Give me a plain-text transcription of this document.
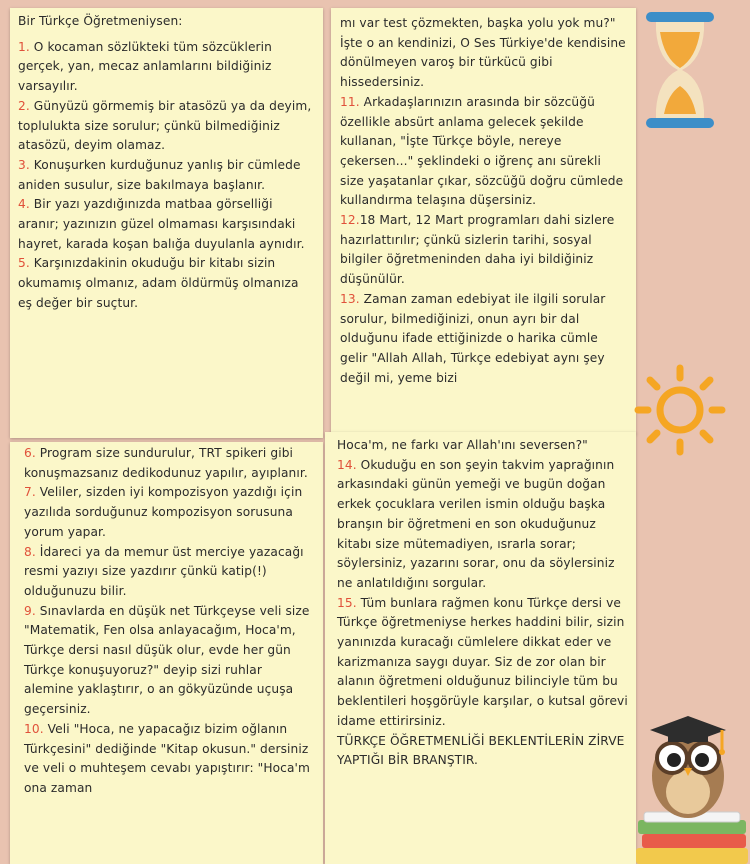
Bir Türkçe Öğretmeniysen:

1. O kocaman sözlükteki tüm sözcüklerin gerçek, yan, mecaz anlamlarını bildiğiniz varsayılır.

2. Günyüzü görmemiş bir atasözü ya da deyim, toplulukta size sorulur; çünkü bilmediğiniz atasözü, deyim olamaz.

3. Konuşurken kurduğunuz yanlış bir cümlede aniden susulur, size bakılmaya başlanır.

4. Bir yazı yazdığınızda matbaa görselliği aranır; yazınızın güzel olmaması karşısındaki hayret, karada koşan balığa duyulanla aynıdır.

5. Karşınızdakinin okuduğu bir kitabı sizin okumamış olmanız, adam öldürmüş olmanıza eş değer bir suçtur.

mı var test çözmekten, başka yolu yok mu?" İşte o an kendinizi, O Ses Türkiye'de kendisine dönülmeyen varoş bir türkücü gibi hissedersiniz.

11. Arkadaşlarınızın arasında bir sözcüğü özellikle absürt anlama gelecek şekilde kullanan, "İşte Türkçe böyle, nereye çekersen..." şeklindeki o iğrenç anı sürekli size yaşatanlar çıkar, sözcüğü doğru cümlede kullandırma telaşına düşersiniz.

12.18 Mart, 12 Mart programları dahi sizlere hazırlattırılır; çünkü sizlerin tarihi, sosyal bilgiler öğretmeninden daha iyi bildiğiniz düşünülür.

13. Zaman zaman edebiyat ile ilgili sorular sorulur, bilmediğinizi, onun ayrı bir dal olduğunu ifade ettiğinizde o harika cümle gelir "Allah Allah, Türkçe edebiyat aynı şey değil mi, yeme bizi

6. Program size sundurulur, TRT spikeri gibi konuşmazsanız dedikodunuz yapılır, ayıplanır.

7. Veliler, sizden iyi kompozisyon yazdığı için yazılıda sorduğunuz kompozisyon sorusuna yorum yapar.

8. İdareci ya da memur üst merciye yazacağı resmi yazıyı size yazdırır çünkü katip(!) olduğunuzu bilir.

9. Sınavlarda en düşük net Türkçeyse veli size "Matematik, Fen olsa anlayacağım, Hoca'm, Türkçe dersi nasıl düşük olur, evde her gün Türkçe konuşuyoruz?" deyip sizi ruhlar alemine yaklaştırır, o an gökyüzünde uçuşa geçersiniz.

10. Veli "Hoca, ne yapacağız bizim oğlanın Türkçesini" dediğinde "Kitap okusun." dersiniz ve veli o muhteşem cevabı yapıştırır: "Hoca'm ona zaman

Hoca'm, ne farkı var Allah'ını seversen?"

14. Okuduğu en son şeyin takvim yaprağının arkasındaki günün yemeği ve bugün doğan erkek çocuklara verilen ismin olduğu başka branşın bir öğretmeni en son okuduğunuz kitabı size mütemadiyen, ısrarla sorar; söylersiniz, yazarını sorar, onu da söylersiniz ne anlatıldığını sorgular.

15. Tüm bunlara rağmen konu Türkçe dersi ve Türkçe öğretmeniyse herkes haddini bilir, sizin yanınızda kuracağı cümlelere dikkat eder ve karizmanıza saygı duyar. Siz de zor olan bir alanın öğretmeni olduğunuz bilinciyle tüm bu beklentileri hoşgörüyle karşılar, o kutsal görevi idame ettirirsiniz.

TÜRKÇE ÖĞRETMENLİĞİ BEKLENTİLERİN ZİRVE YAPTIĞI BİR BRANŞTIR.
